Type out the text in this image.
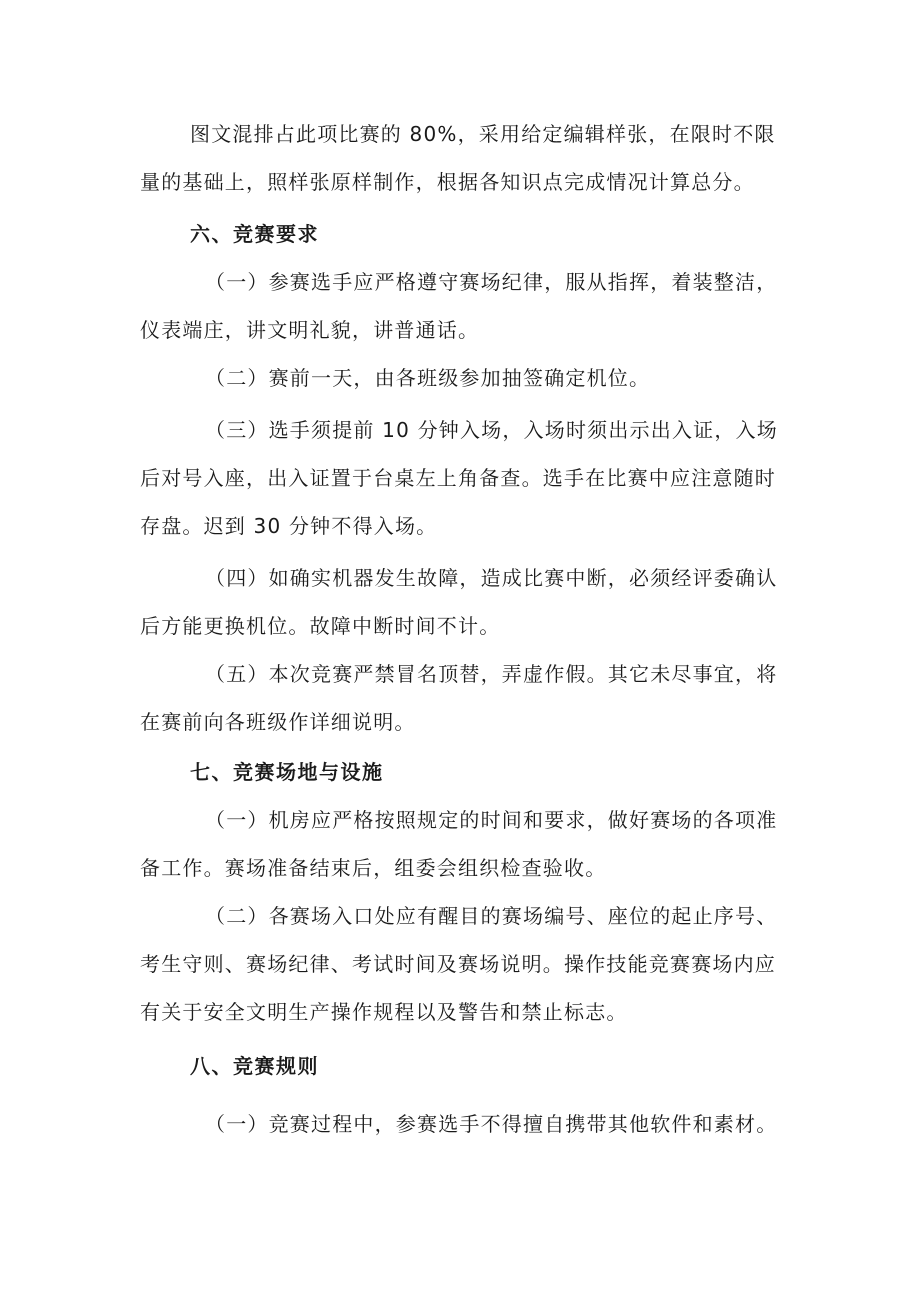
图文混排占此项比赛的 80%，采用给定编辑样张，在限时不限
量的基础上，照样张原样制作，根据各知识点完成情况计算总分。
六、竞赛要求
（一）参赛选手应严格遵守赛场纪律，服从指挥，着装整洁，
仪表端庄，讲文明礼貌，讲普通话。
（二）赛前一天，由各班级参加抽签确定机位。
（三）选手须提前 10 分钟入场，入场时须出示出入证，入场
后对号入座，出入证置于台桌左上角备查。选手在比赛中应注意随时
存盘。迟到 30 分钟不得入场。
（四）如确实机器发生故障，造成比赛中断，必须经评委确认
后方能更换机位。故障中断时间不计。
（五）本次竞赛严禁冒名顶替，弄虚作假。其它未尽事宜，将
在赛前向各班级作详细说明。
七、竞赛场地与设施
（一）机房应严格按照规定的时间和要求，做好赛场的各项准
备工作。赛场准备结束后，组委会组织检查验收。
（二）各赛场入口处应有醒目的赛场编号、座位的起止序号、
考生守则、赛场纪律、考试时间及赛场说明。操作技能竞赛赛场内应
有关于安全文明生产操作规程以及警告和禁止标志。
八、竞赛规则
（一）竞赛过程中，参赛选手不得擅自携带其他软件和素材。
